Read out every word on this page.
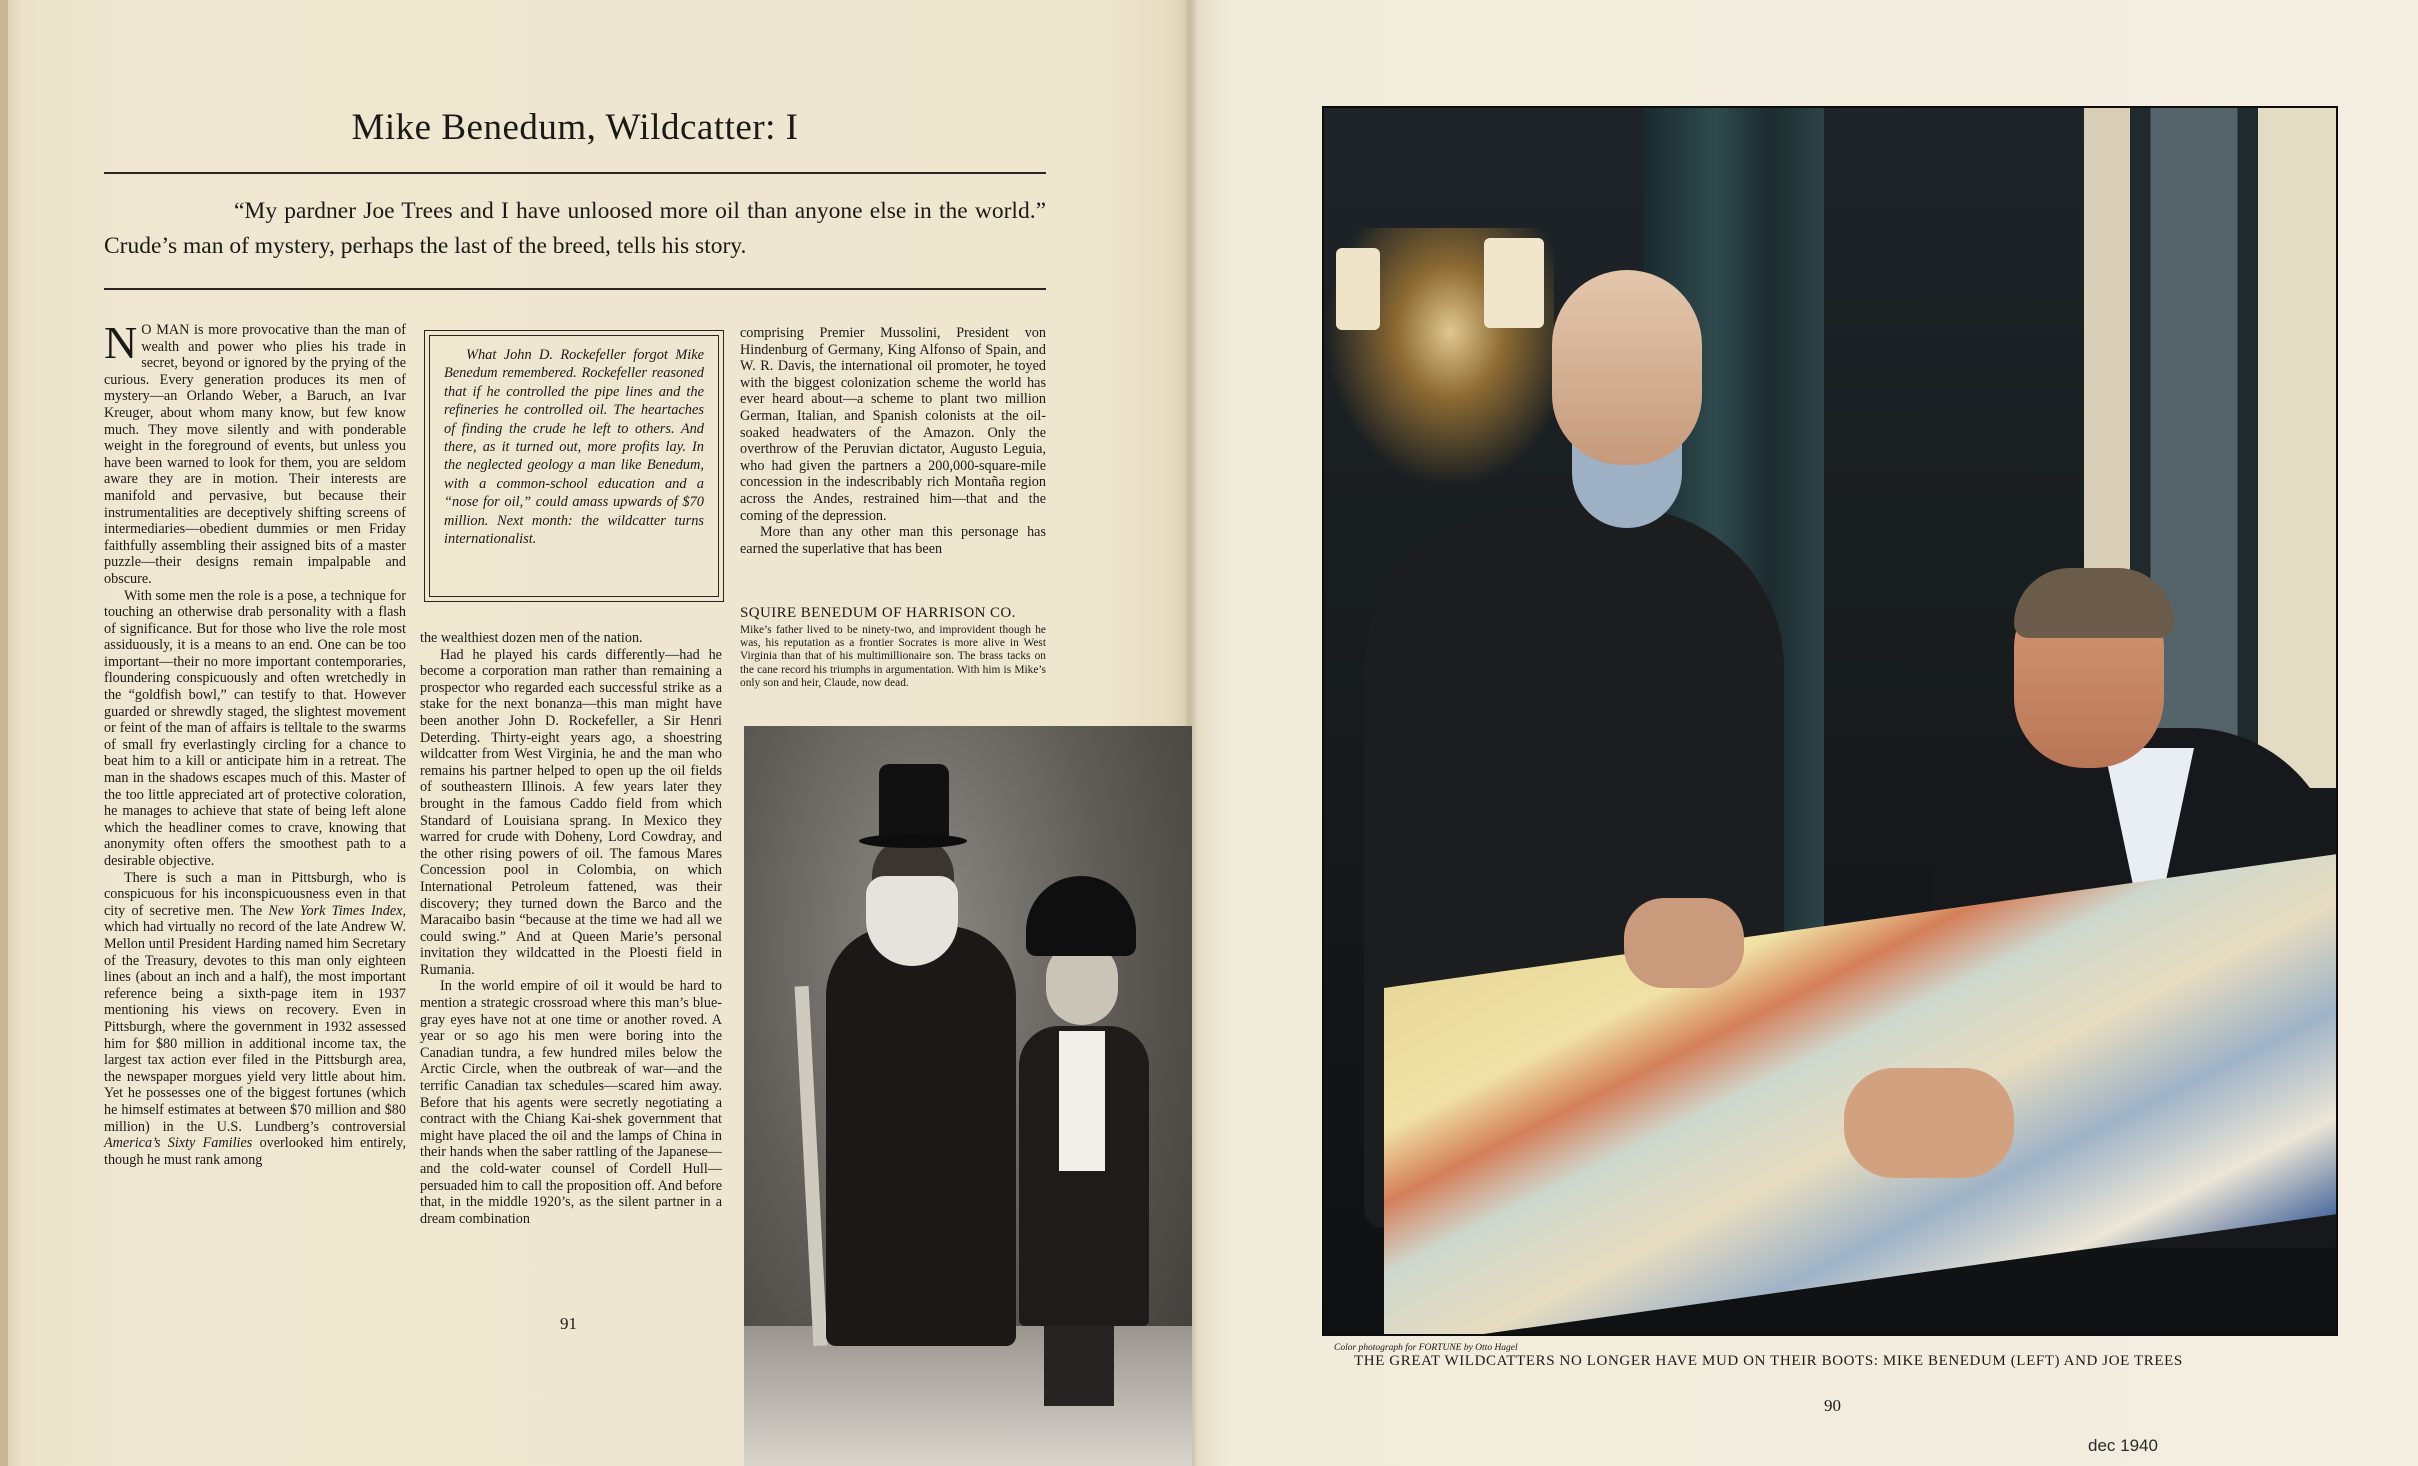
Mike Benedum, Wildcatter: I

“My pardner Joe Trees and I have unloosed more oil than anyone else in the world.” Crude’s man of mystery, perhaps the last of the breed, tells his story.

N O MAN is more provocative than the man of wealth and power who plies his trade in secret, beyond or ignored by the prying of the curious. Every generation produces its men of mystery—an Orlando Weber, a Baruch, an Ivar Kreuger, about whom many know, but few know much. They move silently and with ponderable weight in the foreground of events, but unless you have been warned to look for them, you are seldom aware they are in motion. Their interests are manifold and pervasive, but because their instrumentalities are deceptively shifting screens of intermediaries—obedient dummies or men Friday faithfully assembling their assigned bits of a master puzzle—their designs remain impalpable and obscure.

With some men the role is a pose, a technique for touching an otherwise drab personality with a flash of significance. But for those who live the role most assiduously, it is a means to an end. One can be too important—their no more important contemporaries, floundering conspicuously and often wretchedly in the “goldfish bowl,” can testify to that. However guarded or shrewdly staged, the slightest movement or feint of the man of affairs is telltale to the swarms of small fry everlastingly circling for a chance to beat him to a kill or anticipate him in a retreat. The man in the shadows escapes much of this. Master of the too little appreciated art of protective coloration, he manages to achieve that state of being left alone which the headliner comes to crave, knowing that anonymity often offers the smoothest path to a desirable objective.

There is such a man in Pittsburgh, who is conspicuous for his inconspicuousness even in that city of secretive men. The New York Times Index, which had virtually no record of the late Andrew W. Mellon until President Harding named him Secretary of the Treasury, devotes to this man only eighteen lines (about an inch and a half), the most important reference being a sixth-page item in 1937 mentioning his views on recovery. Even in Pittsburgh, where the government in 1932 assessed him for $80 million in additional income tax, the largest tax action ever filed in the Pittsburgh area, the newspaper morgues yield very little about him. Yet he possesses one of the biggest fortunes (which he himself estimates at between $70 million and $80 million) in the U.S. Lundberg’s controversial America’s Sixty Families overlooked him entirely, though he must rank among

What John D. Rockefeller forgot Mike Benedum remembered. Rockefeller reasoned that if he controlled the pipe lines and the refineries he controlled oil. The heartaches of finding the crude he left to others. And there, as it turned out, more profits lay. In the neglected geology a man like Benedum, with a common-school education and a “nose for oil,” could amass upwards of $70 million. Next month: the wildcatter turns internationalist.

the wealthiest dozen men of the nation.

Had he played his cards differently—had he become a corporation man rather than remaining a prospector who regarded each successful strike as a stake for the next bonanza—this man might have been another John D. Rockefeller, a Sir Henri Deterding. Thirty-eight years ago, a shoestring wildcatter from West Virginia, he and the man who remains his partner helped to open up the oil fields of southeastern Illinois. A few years later they brought in the famous Caddo field from which Standard of Louisiana sprang. In Mexico they warred for crude with Doheny, Lord Cowdray, and the other rising powers of oil. The famous Mares Concession pool in Colombia, on which International Petroleum fattened, was their discovery; they turned down the Barco and the Maracaibo basin “because at the time we had all we could swing.” And at Queen Marie’s personal invitation they wildcatted in the Ploesti field in Rumania.

In the world empire of oil it would be hard to mention a strategic crossroad where this man’s blue-gray eyes have not at one time or another roved. A year or so ago his men were boring into the Canadian tundra, a few hundred miles below the Arctic Circle, when the outbreak of war—and the terrific Canadian tax schedules—scared him away. Before that his agents were secretly negotiating a contract with the Chiang Kai-shek government that might have placed the oil and the lamps of China in their hands when the saber rattling of the Japanese—and the cold-water counsel of Cordell Hull—persuaded him to call the proposition off. And before that, in the middle 1920’s, as the silent partner in a dream combination

comprising Premier Mussolini, President von Hindenburg of Germany, King Alfonso of Spain, and W. R. Davis, the international oil promoter, he toyed with the biggest colonization scheme the world has ever heard about—a scheme to plant two million German, Italian, and Spanish colonists at the oil-soaked headwaters of the Amazon. Only the overthrow of the Peruvian dictator, Augusto Leguia, who had given the partners a 200,000-square-mile concession in the indescribably rich Montaña region across the Andes, restrained him—that and the coming of the depression.

More than any other man this personage has earned the superlative that has been

SQUIRE BENEDUM OF HARRISON CO.

Mike’s father lived to be ninety-two, and improvident though he was, his reputation as a frontier Socrates is more alive in West Virginia than that of his multimillionaire son. The brass tacks on the cane record his triumphs in argumentation. With him is Mike’s only son and heir, Claude, now dead.

91

Color photograph for FORTUNE by Otto Hagel

THE GREAT WILDCATTERS NO LONGER HAVE MUD ON THEIR BOOTS: MIKE BENEDUM (LEFT) AND JOE TREES

90
dec 1940
